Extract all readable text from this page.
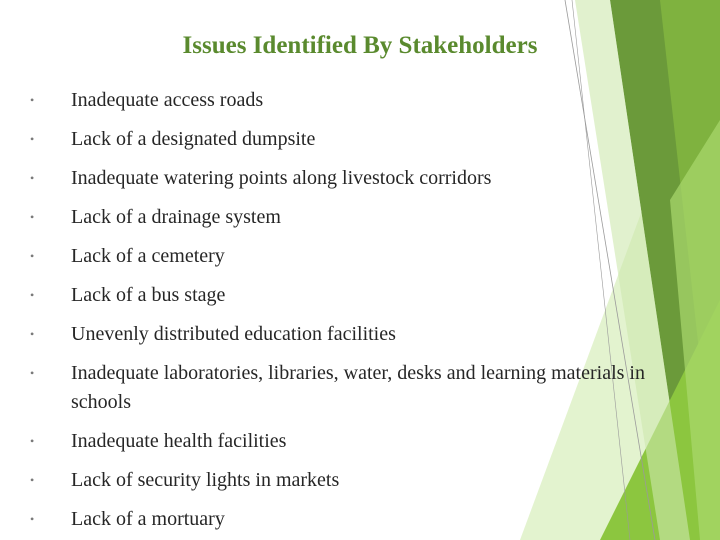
Issues Identified By Stakeholders
•	Inadequate access roads
•	Lack of a designated dumpsite
•	Inadequate watering points along livestock corridors
•	Lack of a drainage system
•	Lack of a cemetery
•	Lack of a bus stage
•	Unevenly distributed education facilities
•	Inadequate laboratories, libraries, water, desks and learning materials in schools
•	Inadequate health facilities
•	Lack of security lights in markets
•	Lack of a mortuary
